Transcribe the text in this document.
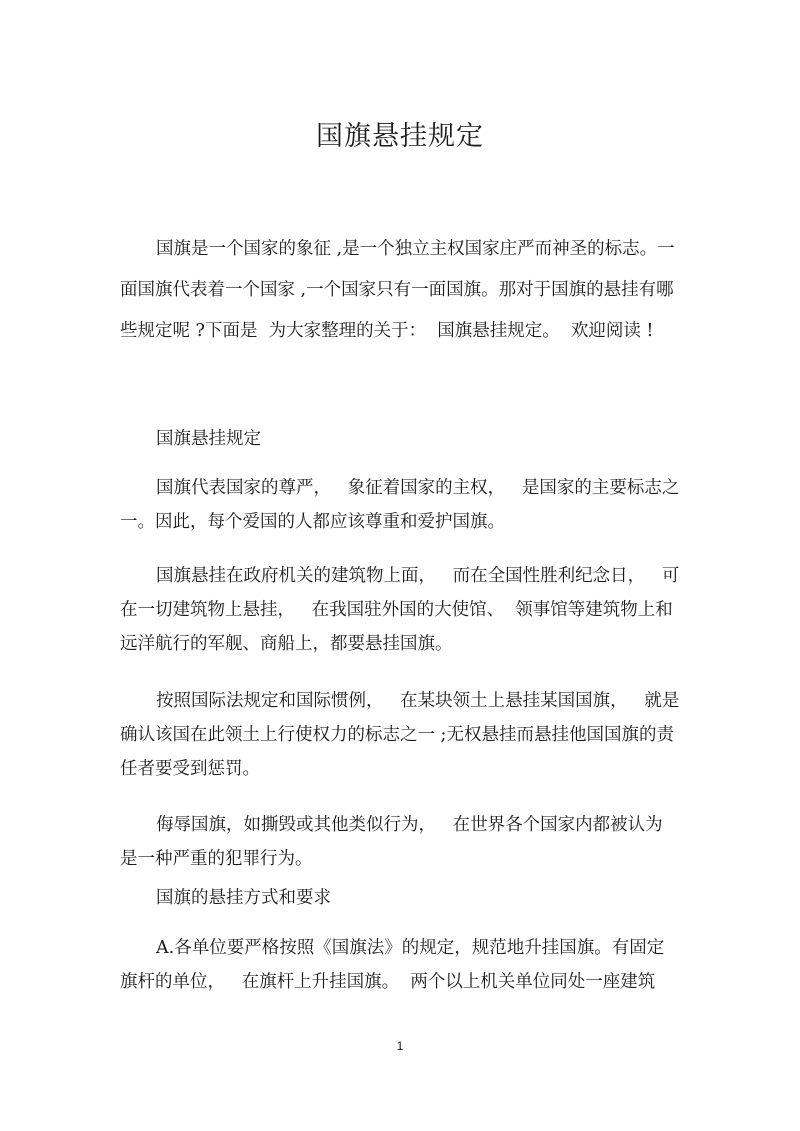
国旗悬挂规定

国旗是一个国家的象征 ,是一个独立主权国家庄严而神圣的标志。一面国旗代表着一个国家 ,一个国家只有一面国旗。那对于国旗的悬挂有哪些规定呢 ?下面是  为大家整理的关于：  国旗悬挂规定。  欢迎阅读 !

国旗悬挂规定

国旗代表国家的尊严，   象征着国家的主权，   是国家的主要标志之一。因此，每个爱国的人都应该尊重和爱护国旗。

国旗悬挂在政府机关的建筑物上面，   而在全国性胜利纪念日，   可在一切建筑物上悬挂，   在我国驻外国的大使馆、  领事馆等建筑物上和远洋航行的军舰、商船上，都要悬挂国旗。

按照国际法规定和国际惯例，   在某块领土上悬挂某国国旗，   就是确认该国在此领土上行使权力的标志之一 ;无权悬挂而悬挂他国国旗的责任者要受到惩罚。

侮辱国旗，如撕毁或其他类似行为，   在世界各个国家内都被认为是一种严重的犯罪行为。

国旗的悬挂方式和要求

A.各单位要严格按照《国旗法》的规定，规范地升挂国旗。有固定旗杆的单位，   在旗杆上升挂国旗。  两个以上机关单位同处一座建筑

1
